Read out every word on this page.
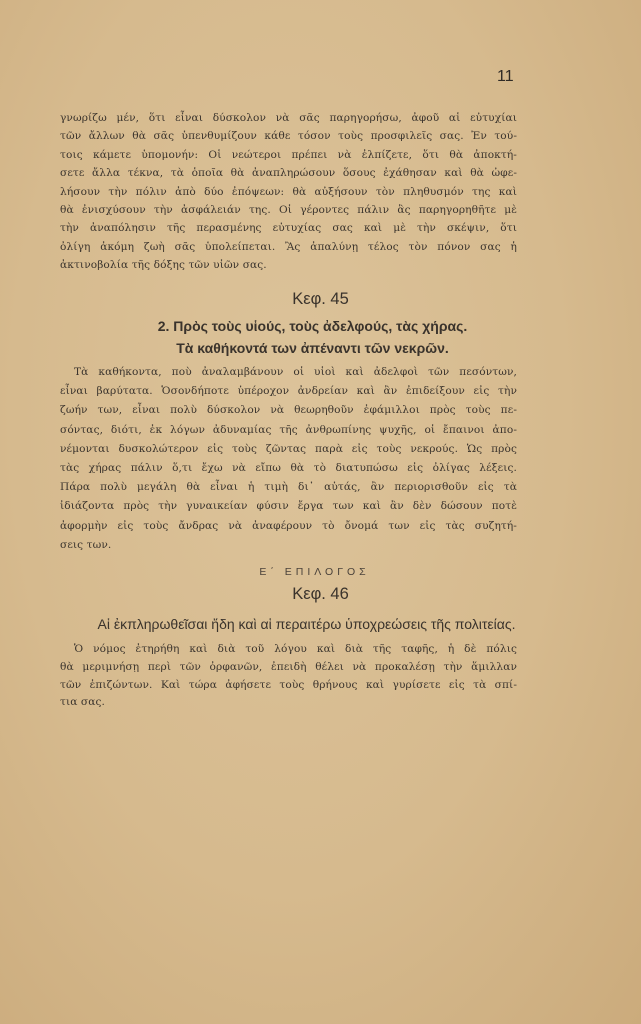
11
γνωρίζω μέν, ὅτι εἶναι δύσκολον νὰ σᾶς παρηγορήσω, ἀφοῦ αἱ εὐτυχίαι
τῶν ἄλλων θὰ σᾶς ὑπενθυμίζουν κάθε τόσον τοὺς προσφιλεῖς σας. Ἐν τού-
τοις κάμετε ὑπομονήν: Οἱ νεώτεροι πρέπει νὰ ἐλπίζετε, ὅτι θὰ ἀποκτή-
σετε ἄλλα τέκνα, τὰ ὁποῖα θὰ ἀναπληρώσουν ὅσους ἐχάθησαν καὶ θὰ ὠφε-
λήσουν τὴν πόλιν ἀπὸ δύο ἐπόψεων: θὰ αὐξήσουν τὸν πληθυσμόν της καὶ
θὰ ἐνισχύσουν τὴν ἀσφάλειάν της. Οἱ γέροντες πάλιν ἂς παρηγορηθῆτε μὲ
τὴν ἀναπόλησιν τῆς περασμένης εὐτυχίας σας καὶ μὲ τὴν σκέψιν, ὅτι
ὀλίγη ἀκόμη ζωὴ σᾶς ὑπολείπεται. Ἂς ἀπαλύνῃ τέλος τὸν πόνον σας ἡ
ἀκτινοβολία τῆς δόξης τῶν υἱῶν σας.
Κεφ. 45
2. Πρὸς τοὺς υἱούς, τοὺς ἀδελφούς, τὰς χήρας.
Τὰ καθήκοντά των ἀπέναντι τῶν νεκρῶν.
Τὰ καθήκοντα, ποὺ ἀναλαμβάνουν οἱ υἱοὶ καὶ ἀδελφοὶ τῶν πεσόντων,
εἶναι βαρύτατα. Ὁσονδήποτε ὑπέροχον ἀνδρείαν καὶ ἂν ἐπιδείξουν εἰς τὴν
ζωήν των, εἶναι πολὺ δύσκολον νὰ θεωρηθοῦν ἐφάμιλλοι πρὸς τοὺς πε-
σόντας, διότι, ἐκ λόγων ἀδυναμίας τῆς ἀνθρωπίνης ψυχῆς, οἱ ἔπαινοι ἀπο-
νέμονται δυσκολώτερον εἰς τοὺς ζῶντας παρὰ εἰς τοὺς νεκρούς. Ὡς πρὸς
τὰς χήρας πάλιν ὅ,τι ἔχω νὰ εἴπω θὰ τὸ διατυπώσω εἰς ὀλίγας λέξεις.
Πάρα πολὺ μεγάλη θὰ εἶναι ἡ τιμὴ δι᾽ αὐτάς, ἂν περιορισθοῦν εἰς τὰ
ἰδιάζοντα πρὸς τὴν γυναικείαν φύσιν ἔργα των καὶ ἂν δὲν δώσουν ποτὲ
ἀφορμὴν εἰς τοὺς ἄνδρας νὰ ἀναφέρουν τὸ ὄνομά των εἰς τὰς συζητή-
σεις των.
Ε΄ ΕΠΙΛΟΓΟΣ
Κεφ. 46
Αἱ ἐκπληρωθεῖσαι ἤδη καὶ αἱ περαιτέρω ὑποχρεώσεις τῆς πολιτείας.
Ὁ νόμος ἐτηρήθη καὶ διὰ τοῦ λόγου καὶ διὰ τῆς ταφῆς, ἡ δὲ πόλις
θὰ μεριμνήσῃ περὶ τῶν ὀρφανῶν, ἐπειδὴ θέλει νὰ προκαλέσῃ τὴν ἅμιλλαν
τῶν ἐπιζώντων. Καὶ τώρα ἀφήσετε τοὺς θρήνους καὶ γυρίσετε εἰς τὰ σπί-
τια σας.
